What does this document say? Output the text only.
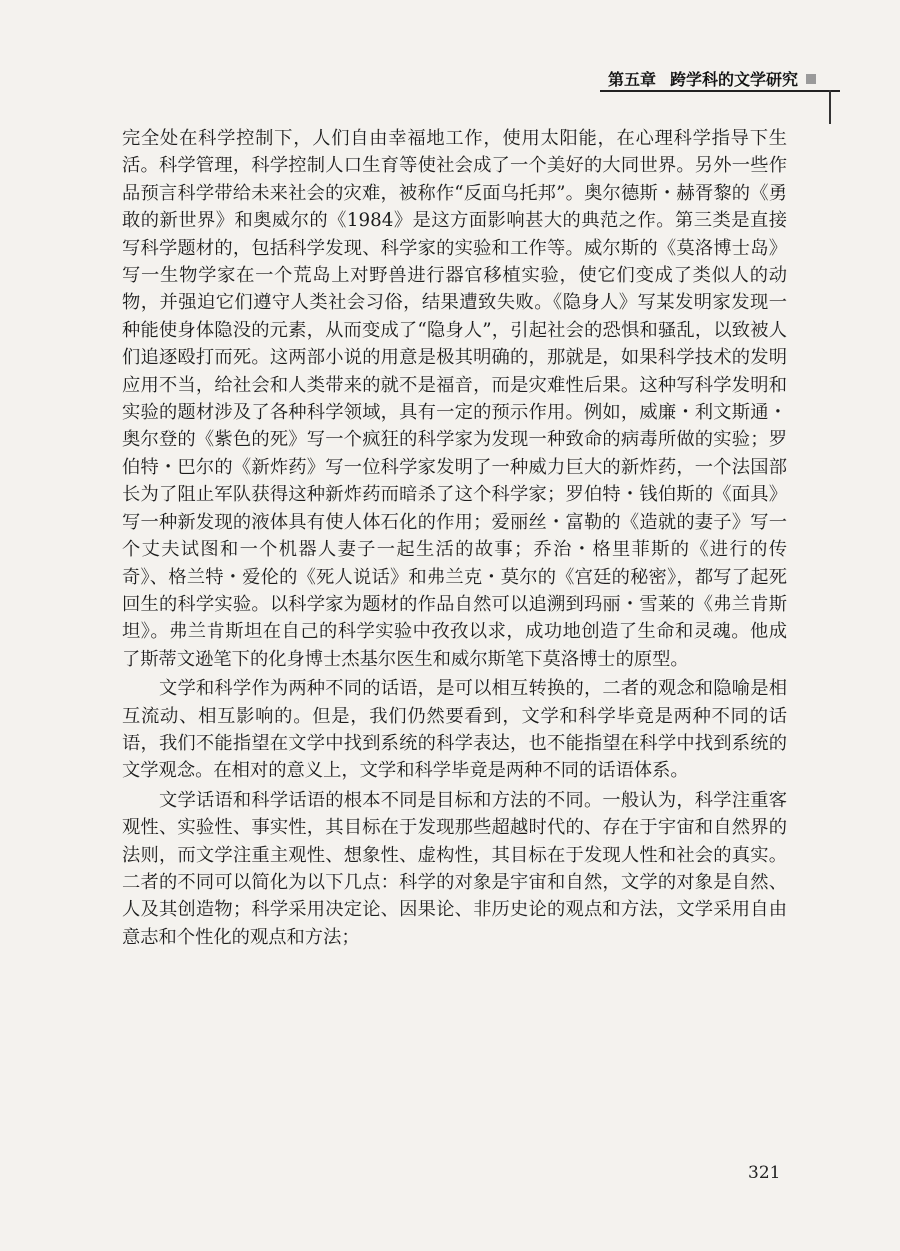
第五章 跨学科的文学研究

完全处在科学控制下，人们自由幸福地工作，使用太阳能，在心理科学指导下生活。科学管理，科学控制人口生育等使社会成了一个美好的大同世界。另外一些作品预言科学带给未来社会的灾难，被称作“反面乌托邦”。奥尔德斯・赫胥黎的《勇敢的新世界》和奥威尔的《1984》是这方面影响甚大的典范之作。第三类是直接写科学题材的，包括科学发现、科学家的实验和工作等。威尔斯的《莫洛博士岛》写一生物学家在一个荒岛上对野兽进行器官移植实验，使它们变成了类似人的动物，并强迫它们遵守人类社会习俗，结果遭致失败。《隐身人》写某发明家发现一种能使身体隐没的元素，从而变成了“隐身人”，引起社会的恐惧和骚乱，以致被人们追逐殴打而死。这两部小说的用意是极其明确的，那就是，如果科学技术的发明应用不当，给社会和人类带来的就不是福音，而是灾难性后果。这种写科学发明和实验的题材涉及了各种科学领域，具有一定的预示作用。例如，威廉・利文斯通・奥尔登的《紫色的死》写一个疯狂的科学家为发现一种致命的病毒所做的实验；罗伯特・巴尔的《新炸药》写一位科学家发明了一种威力巨大的新炸药，一个法国部长为了阻止军队获得这种新炸药而暗杀了这个科学家；罗伯特・钱伯斯的《面具》写一种新发现的液体具有使人体石化的作用；爱丽丝・富勒的《造就的妻子》写一个丈夫试图和一个机器人妻子一起生活的故事；乔治・格里菲斯的《进行的传奇》、格兰特・爱伦的《死人说话》和弗兰克・莫尔的《宫廷的秘密》，都写了起死回生的科学实验。以科学家为题材的作品自然可以追溯到玛丽・雪莱的《弗兰肯斯坦》。弗兰肯斯坦在自己的科学实验中孜孜以求，成功地创造了生命和灵魂。他成了斯蒂文逊笔下的化身博士杰基尔医生和威尔斯笔下莫洛博士的原型。

文学和科学作为两种不同的话语，是可以相互转换的，二者的观念和隐喻是相互流动、相互影响的。但是，我们仍然要看到，文学和科学毕竟是两种不同的话语，我们不能指望在文学中找到系统的科学表达，也不能指望在科学中找到系统的文学观念。在相对的意义上，文学和科学毕竟是两种不同的话语体系。

文学话语和科学话语的根本不同是目标和方法的不同。一般认为，科学注重客观性、实验性、事实性，其目标在于发现那些超越时代的、存在于宇宙和自然界的法则，而文学注重主观性、想象性、虚构性，其目标在于发现人性和社会的真实。二者的不同可以简化为以下几点：科学的对象是宇宙和自然，文学的对象是自然、人及其创造物；科学采用决定论、因果论、非历史论的观点和方法，文学采用自由意志和个性化的观点和方法；

321
